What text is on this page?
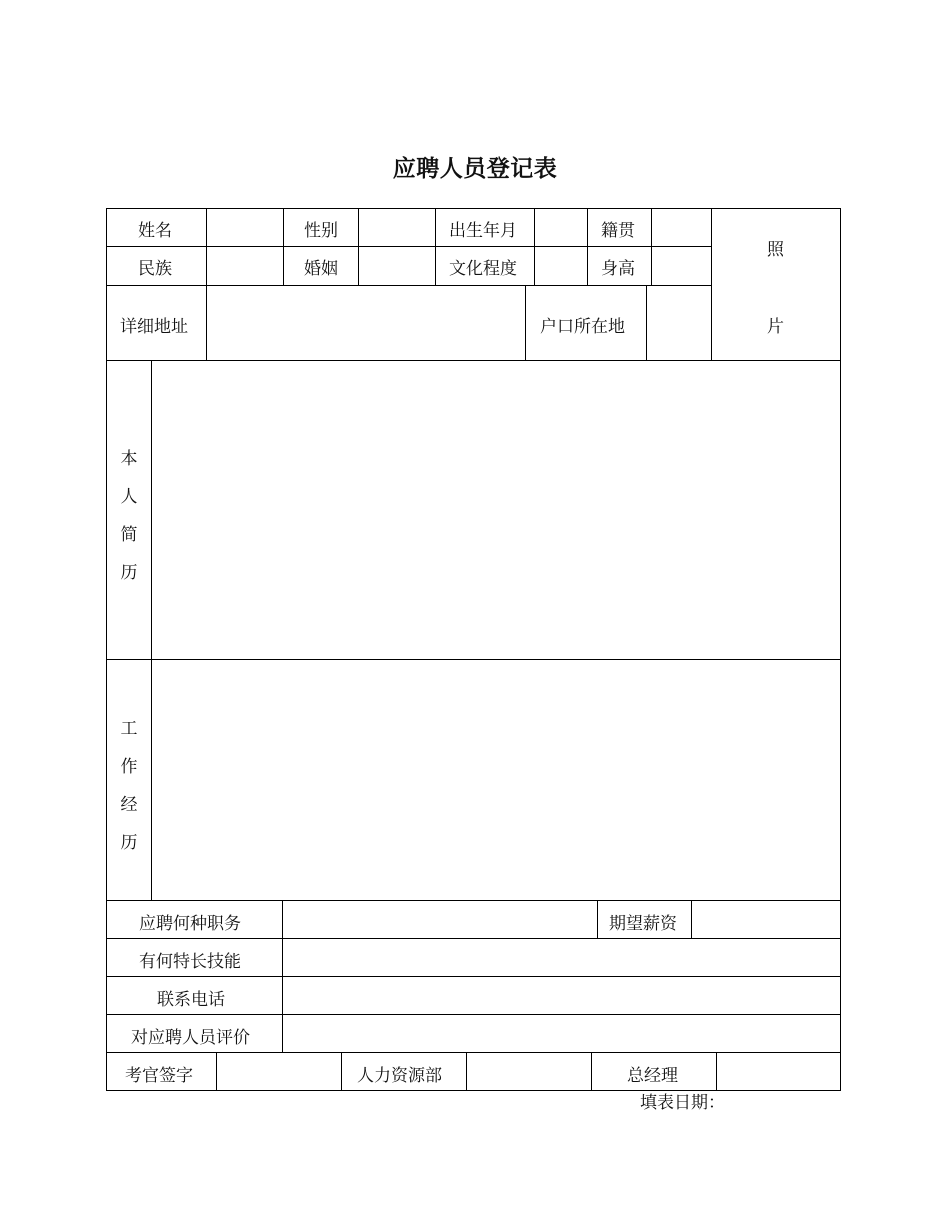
应聘人员登记表
姓名	性别	出生年月	籍贯
民族	婚姻	文化程度	身高
详细地址	户口所在地
照
片
本
人
简
历
工
作
经
历
应聘何种职务	期望薪资
有何特长技能
联系电话
对应聘人员评价
考官签字	人力资源部	总经理
填表日期：
